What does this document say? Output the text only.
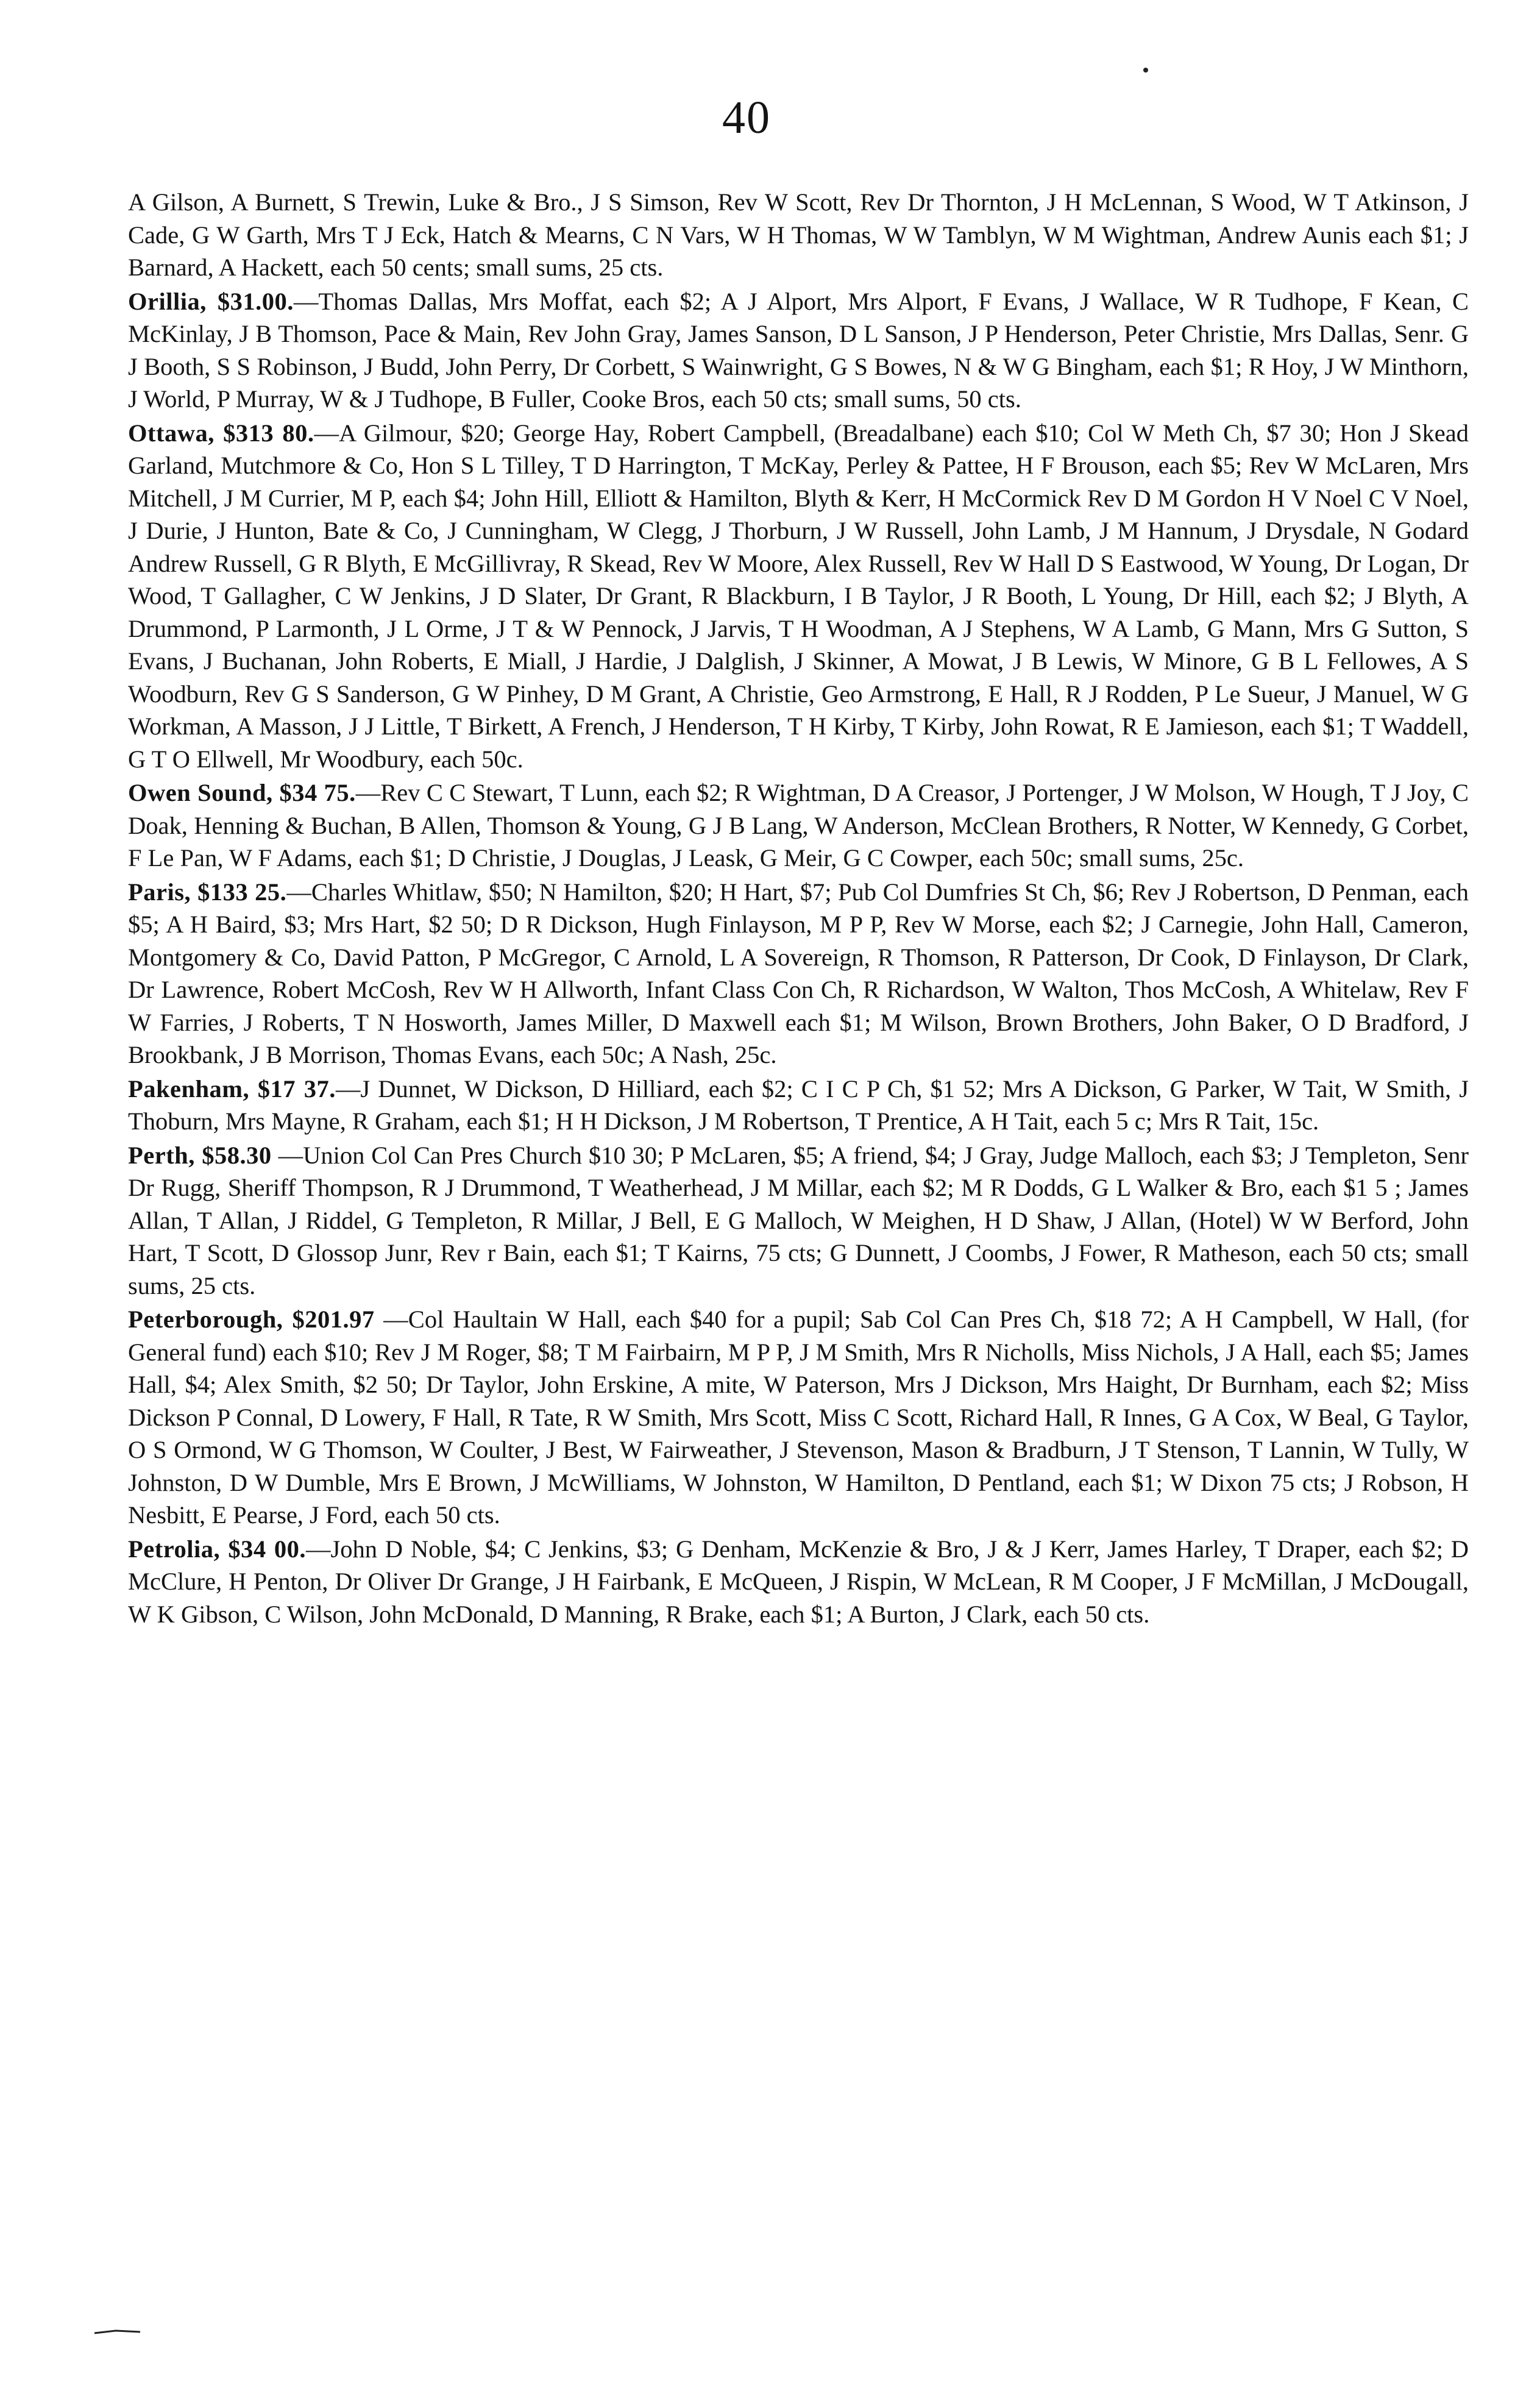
40

A Gilson, A Burnett, S Trewin, Luke & Bro., J S Simson, Rev W Scott, Rev Dr Thornton, J H McLennan, S Wood, W T Atkinson, J Cade, G W Garth, Mrs T J Eck, Hatch & Mearns, C N Vars, W H Thomas, W W Tamblyn, W M Wightman, Andrew Aunis each $1; J Barnard, A Hackett, each 50 cents; small sums, 25 cts.

Orillia, $31.00.—Thomas Dallas, Mrs Moffat, each $2; A J Alport, Mrs Alport, F Evans, J Wallace, W R Tudhope, F Kean, C McKinlay, J B Thomson, Pace & Main, Rev John Gray, James Sanson, D L Sanson, J P Henderson, Peter Christie, Mrs Dallas, Senr. G J Booth, S S Robinson, J Budd, John Perry, Dr Corbett, S Wainwright, G S Bowes, N & W G Bingham, each $1; R Hoy, J W Minthorn, J World, P Murray, W & J Tudhope, B Fuller, Cooke Bros, each 50 cts; small sums, 50 cts.

Ottawa, $313 80.—A Gilmour, $20; George Hay, Robert Campbell, (Breadalbane) each $10; Col W Meth Ch, $7 30; Hon J Skead Garland, Mutchmore & Co, Hon S L Tilley, T D Harrington, T McKay, Perley & Pattee, H F Brouson, each $5; Rev W McLaren, Mrs Mitchell, J M Currier, M P, each $4; John Hill, Elliott & Hamilton, Blyth & Kerr, H McCormick Rev D M Gordon H V Noel C V Noel, J Durie, J Hunton, Bate & Co, J Cunningham, W Clegg, J Thorburn, J W Russell, John Lamb, J M Hannum, J Drysdale, N Godard Andrew Russell, G R Blyth, E McGillivray, R Skead, Rev W Moore, Alex Russell, Rev W Hall D S Eastwood, W Young, Dr Logan, Dr Wood, T Gallagher, C W Jenkins, J D Slater, Dr Grant, R Blackburn, I B Taylor, J R Booth, L Young, Dr Hill, each $2; J Blyth, A Drummond, P Larmonth, J L Orme, J T & W Pennock, J Jarvis, T H Woodman, A J Stephens, W A Lamb, G Mann, Mrs G Sutton, S Evans, J Buchanan, John Roberts, E Miall, J Hardie, J Dalglish, J Skinner, A Mowat, J B Lewis, W Minore, G B L Fellowes, A S Woodburn, Rev G S Sanderson, G W Pinhey, D M Grant, A Christie, Geo Armstrong, E Hall, R J Rodden, P Le Sueur, J Manuel, W G Workman, A Masson, J J Little, T Birkett, A French, J Henderson, T H Kirby, T Kirby, John Rowat, R E Jamieson, each $1; T Waddell, G T O Ellwell, Mr Woodbury, each 50c.

Owen Sound, $34 75.—Rev C C Stewart, T Lunn, each $2; R Wightman, D A Creasor, J Portenger, J W Molson, W Hough, T J Joy, C Doak, Henning & Buchan, B Allen, Thomson & Young, G J B Lang, W Anderson, McClean Brothers, R Notter, W Kennedy, G Corbet, F Le Pan, W F Adams, each $1; D Christie, J Douglas, J Leask, G Meir, G C Cowper, each 50c; small sums, 25c.

Paris, $133 25.—Charles Whitlaw, $50; N Hamilton, $20; H Hart, $7; Pub Col Dumfries St Ch, $6; Rev J Robertson, D Penman, each $5; A H Baird, $3; Mrs Hart, $2 50; D R Dickson, Hugh Finlayson, M P P, Rev W Morse, each $2; J Carnegie, John Hall, Cameron, Montgomery & Co, David Patton, P McGregor, C Arnold, L A Sovereign, R Thomson, R Patterson, Dr Cook, D Finlayson, Dr Clark, Dr Lawrence, Robert McCosh, Rev W H Allworth, Infant Class Con Ch, R Richardson, W Walton, Thos McCosh, A Whitelaw, Rev F W Farries, J Roberts, T N Hosworth, James Miller, D Maxwell each $1; M Wilson, Brown Brothers, John Baker, O D Bradford, J Brookbank, J B Morrison, Thomas Evans, each 50c; A Nash, 25c.

Pakenham, $17 37.—J Dunnet, W Dickson, D Hilliard, each $2; C I C P Ch, $1 52; Mrs A Dickson, G Parker, W Tait, W Smith, J Thoburn, Mrs Mayne, R Graham, each $1; H H Dickson, J M Robertson, T Prentice, A H Tait, each 5 c; Mrs R Tait, 15c.

Perth, $58.30 —Union Col Can Pres Church $10 30; P McLaren, $5; A friend, $4; J Gray, Judge Malloch, each $3; J Templeton, Senr Dr Rugg, Sheriff Thompson, R J Drummond, T Weatherhead, J M Millar, each $2; M R Dodds, G L Walker & Bro, each $1 5 ; James Allan, T Allan, J Riddel, G Templeton, R Millar, J Bell, E G Malloch, W Meighen, H D Shaw, J Allan, (Hotel) W W Berford, John Hart, T Scott, D Glossop Junr, Rev r Bain, each $1; T Kairns, 75 cts; G Dunnett, J Coombs, J Fower, R Matheson, each 50 cts; small sums, 25 cts.

Peterborough, $201.97 —Col Haultain W Hall, each $40 for a pupil; Sab Col Can Pres Ch, $18 72; A H Campbell, W Hall, (for General fund) each $10; Rev J M Roger, $8; T M Fairbairn, M P P, J M Smith, Mrs R Nicholls, Miss Nichols, J A Hall, each $5; James Hall, $4; Alex Smith, $2 50; Dr Taylor, John Erskine, A mite, W Paterson, Mrs J Dickson, Mrs Haight, Dr Burnham, each $2; Miss Dickson P Connal, D Lowery, F Hall, R Tate, R W Smith, Mrs Scott, Miss C Scott, Richard Hall, R Innes, G A Cox, W Beal, G Taylor, O S Ormond, W G Thomson, W Coulter, J Best, W Fairweather, J Stevenson, Mason & Bradburn, J T Stenson, T Lannin, W Tully, W Johnston, D W Dumble, Mrs E Brown, J McWilliams, W Johnston, W Hamilton, D Pentland, each $1; W Dixon 75 cts; J Robson, H Nesbitt, E Pearse, J Ford, each 50 cts.

Petrolia, $34 00.—John D Noble, $4; C Jenkins, $3; G Denham, McKenzie & Bro, J & J Kerr, James Harley, T Draper, each $2; D McClure, H Penton, Dr Oliver Dr Grange, J H Fairbank, E McQueen, J Rispin, W McLean, R M Cooper, J F McMillan, J McDougall, W K Gibson, C Wilson, John McDonald, D Manning, R Brake, each $1; A Burton, J Clark, each 50 cts.
